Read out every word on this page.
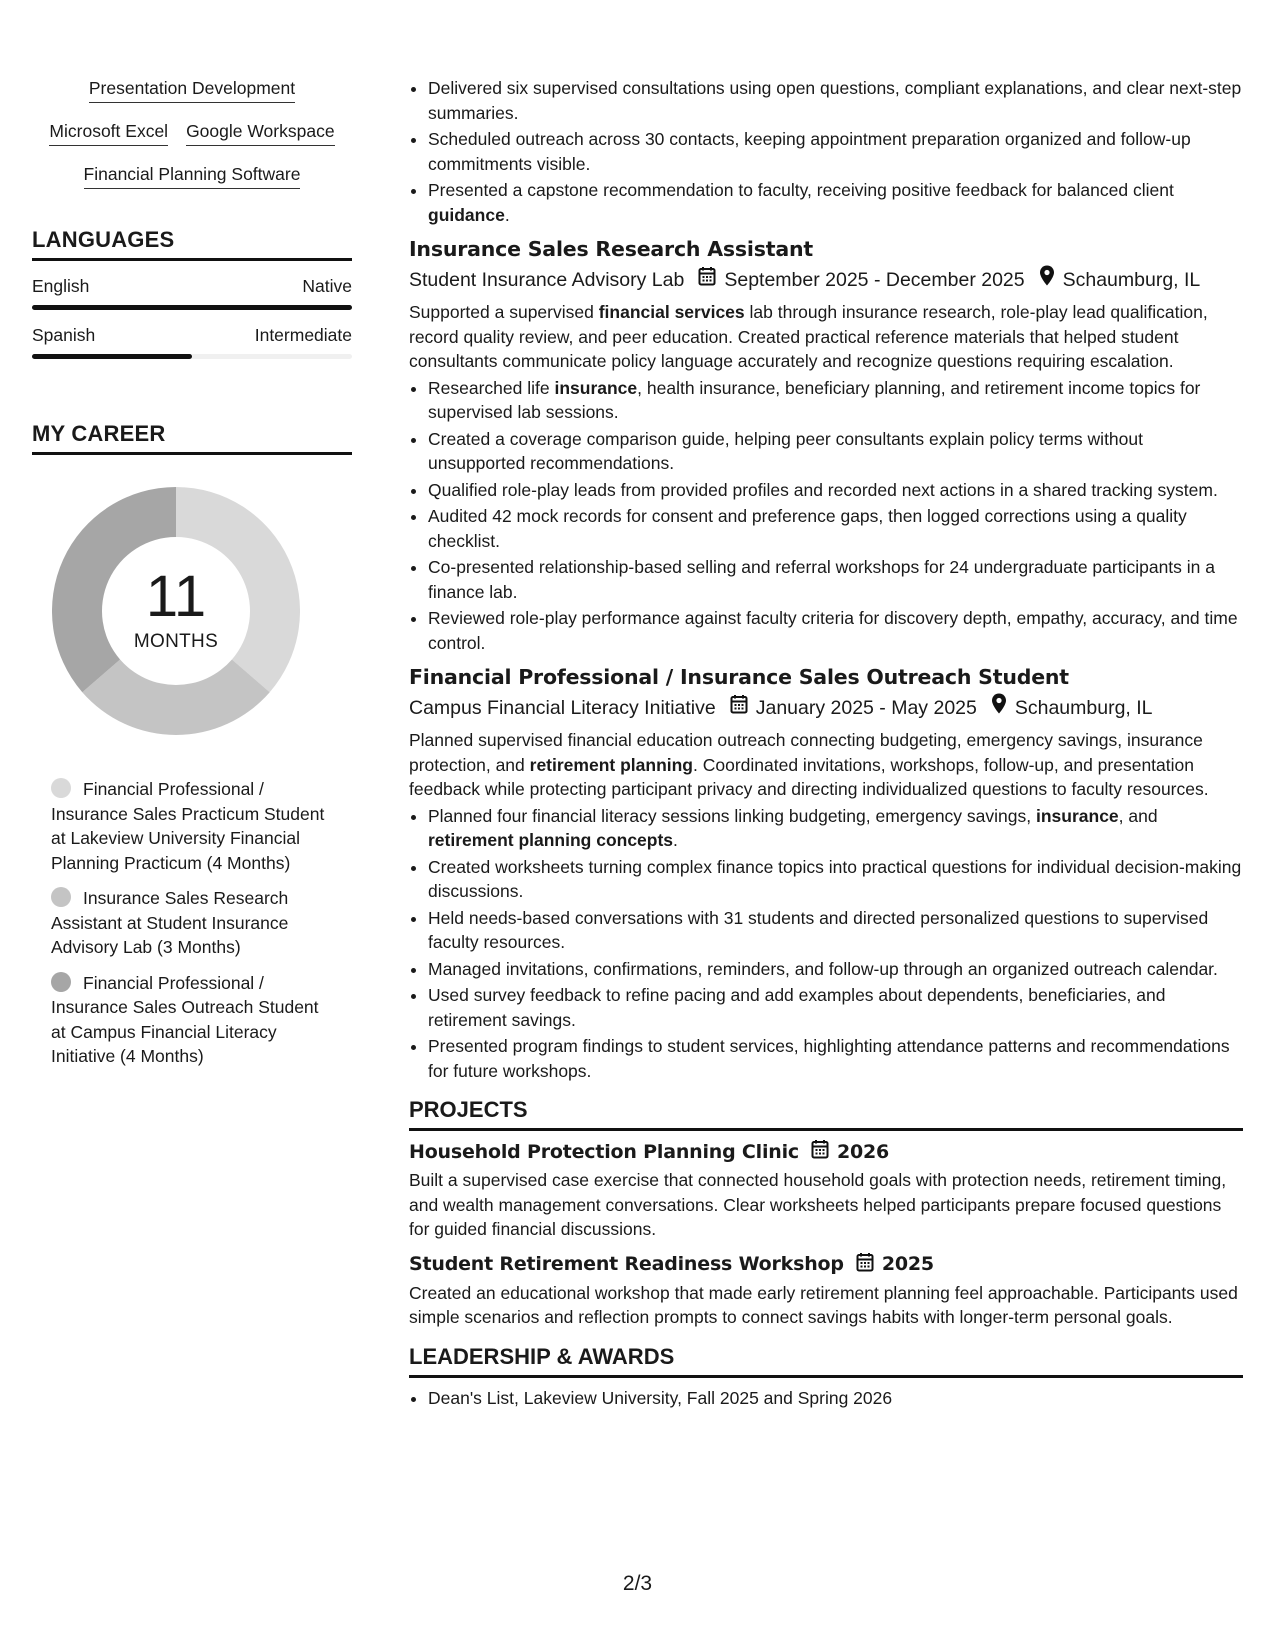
Presentation Development
Microsoft Excel Google Workspace
Financial Planning Software
LANGUAGES
English	Native
Spanish	Intermediate
MY CAREER
11
MONTHS
Financial Professional / Insurance Sales Practicum Student at Lakeview University Financial Planning Practicum (4 Months)
Insurance Sales Research Assistant at Student Insurance Advisory Lab (3 Months)
Financial Professional / Insurance Sales Outreach Student at Campus Financial Literacy Initiative (4 Months)
• Delivered six supervised consultations using open questions, compliant explanations, and clear next-step summaries.
• Scheduled outreach across 30 contacts, keeping appointment preparation organized and follow-up commitments visible.
• Presented a capstone recommendation to faculty, receiving positive feedback for balanced client guidance.
Insurance Sales Research Assistant
Student Insurance Advisory Lab September 2025 - December 2025 Schaumburg, IL

Supported a supervised financial services lab through insurance research, role-play lead qualification, record quality review, and peer education. Created practical reference materials that helped student consultants communicate policy language accurately and recognize questions requiring escalation.

• Researched life insurance, health insurance, beneficiary planning, and retirement income topics for supervised lab sessions.
• Created a coverage comparison guide, helping peer consultants explain policy terms without unsupported recommendations.
• Qualified role-play leads from provided profiles and recorded next actions in a shared tracking system.
• Audited 42 mock records for consent and preference gaps, then logged corrections using a quality checklist.
• Co-presented relationship-based selling and referral workshops for 24 undergraduate participants in a finance lab.
• Reviewed role-play performance against faculty criteria for discovery depth, empathy, accuracy, and time control.
Financial Professional / Insurance Sales Outreach Student
Campus Financial Literacy Initiative January 2025 - May 2025 Schaumburg, IL

Planned supervised financial education outreach connecting budgeting, emergency savings, insurance protection, and retirement planning. Coordinated invitations, workshops, follow-up, and presentation feedback while protecting participant privacy and directing individualized questions to faculty resources.

• Planned four financial literacy sessions linking budgeting, emergency savings, insurance, and retirement planning concepts.
• Created worksheets turning complex finance topics into practical questions for individual decision-making discussions.
• Held needs-based conversations with 31 students and directed personalized questions to supervised faculty resources.
• Managed invitations, confirmations, reminders, and follow-up through an organized outreach calendar.
• Used survey feedback to refine pacing and add examples about dependents, beneficiaries, and retirement savings.
• Presented program findings to student services, highlighting attendance patterns and recommendations for future workshops.
PROJECTS
Household Protection Planning Clinic 2026

Built a supervised case exercise that connected household goals with protection needs, retirement timing, and wealth management conversations. Clear worksheets helped participants prepare focused questions for guided financial discussions.

Student Retirement Readiness Workshop 2025

Created an educational workshop that made early retirement planning feel approachable. Participants used simple scenarios and reflection prompts to connect savings habits with longer-term personal goals.

LEADERSHIP & AWARDS
• Dean's List, Lakeview University, Fall 2025 and Spring 2026
2/3
